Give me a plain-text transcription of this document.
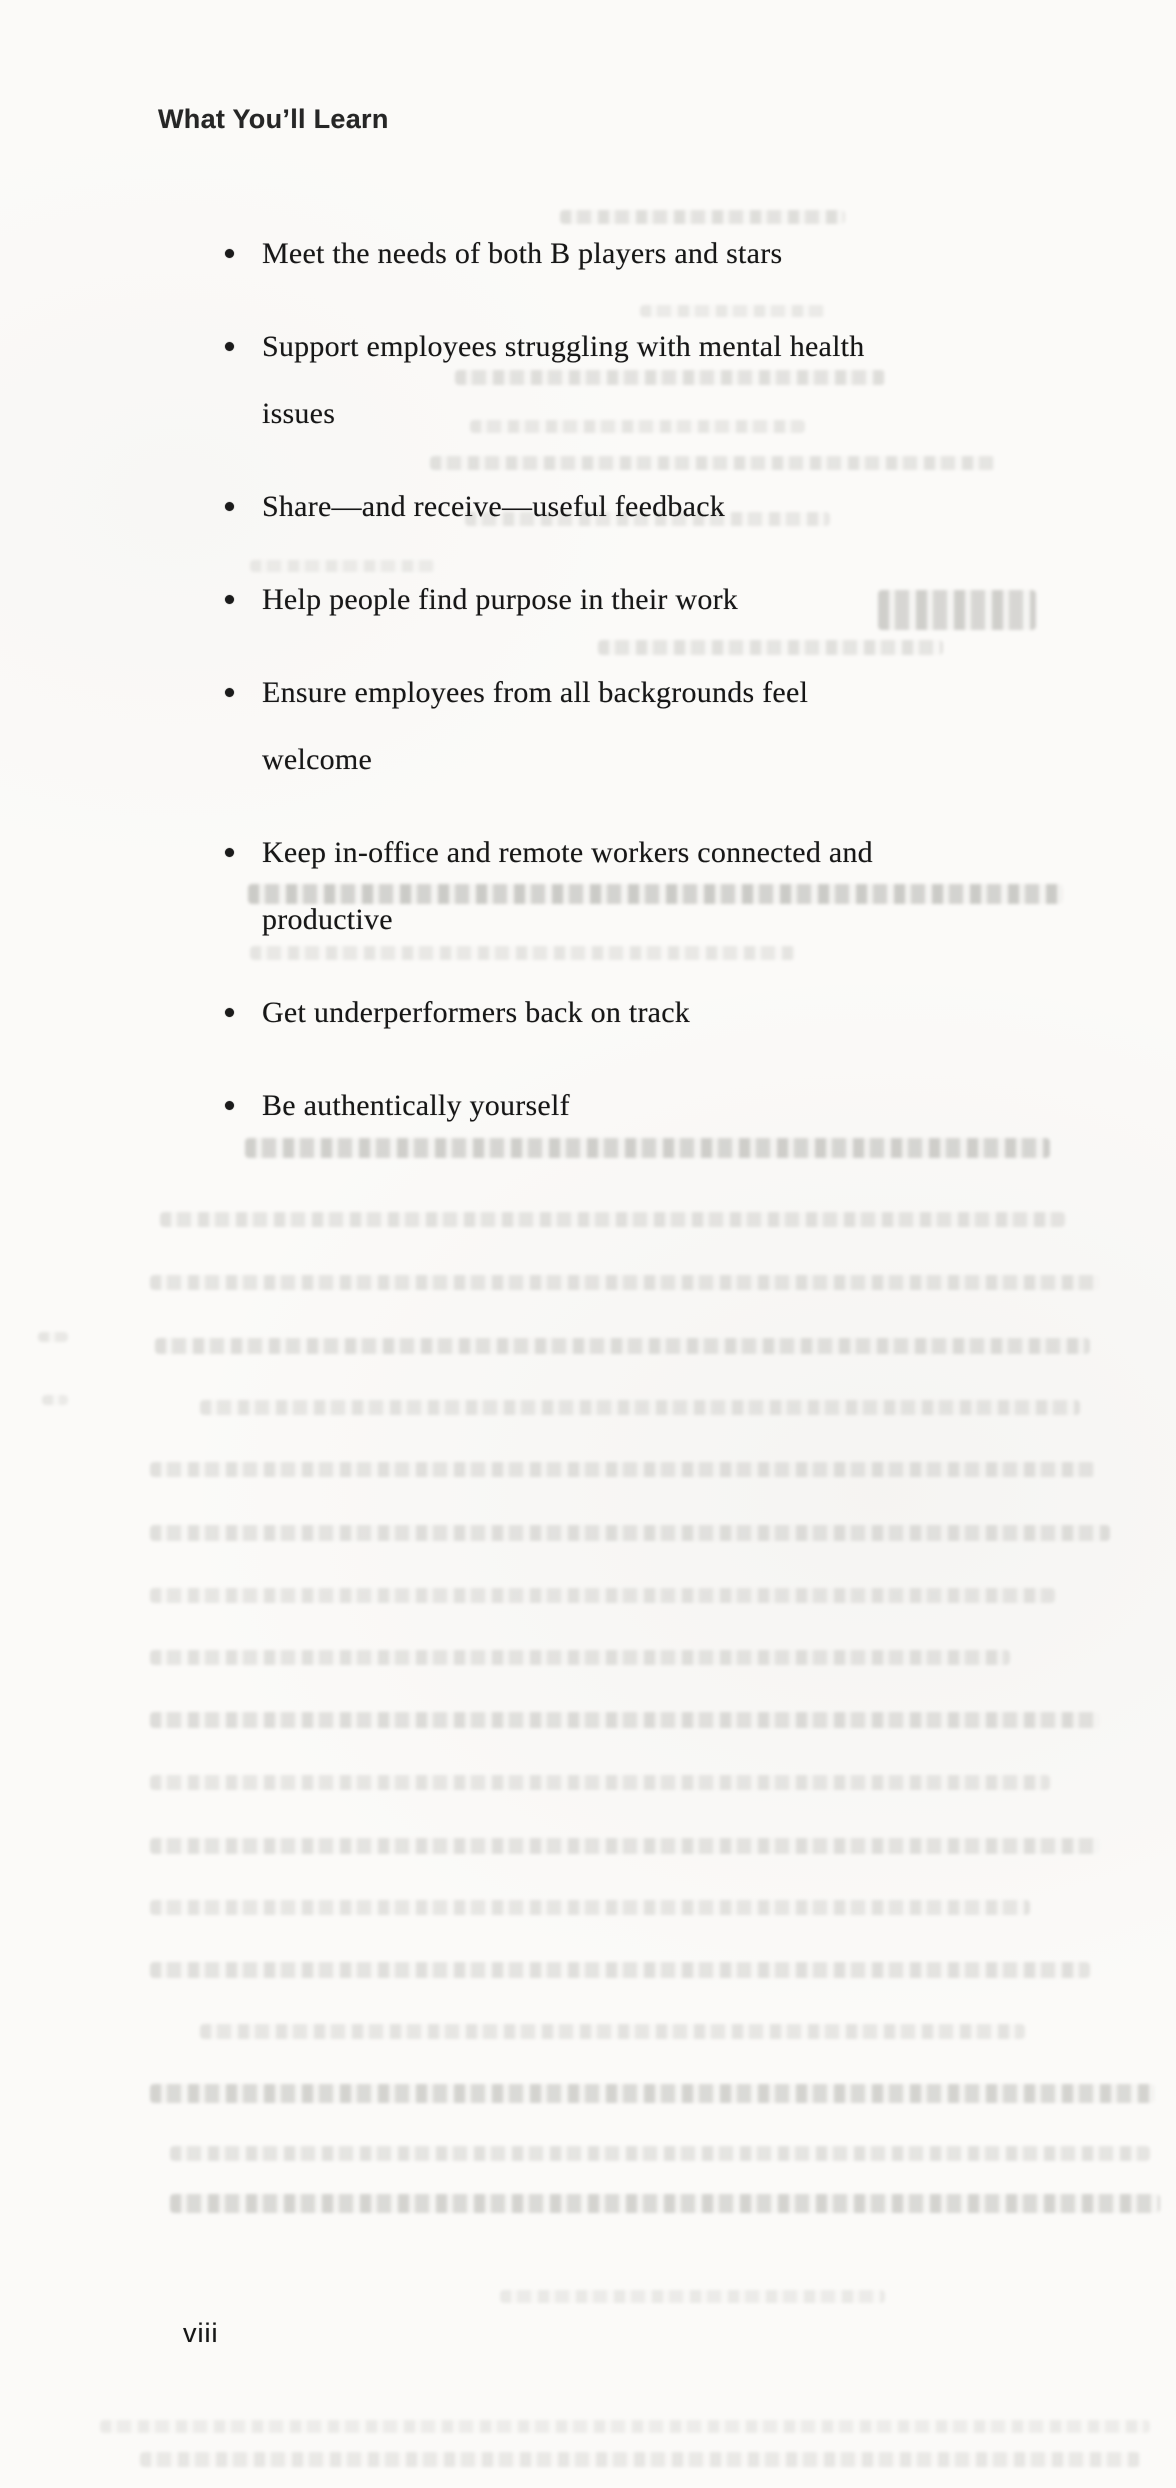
What You’ll Learn
Meet the needs of both B players and stars
Support employees struggling with mental health
issues
Share—and receive—useful feedback
Help people find purpose in their work
Ensure employees from all backgrounds feel
welcome
Keep in-office and remote workers connected and
productive
Get underperformers back on track
Be authentically yourself
viii
